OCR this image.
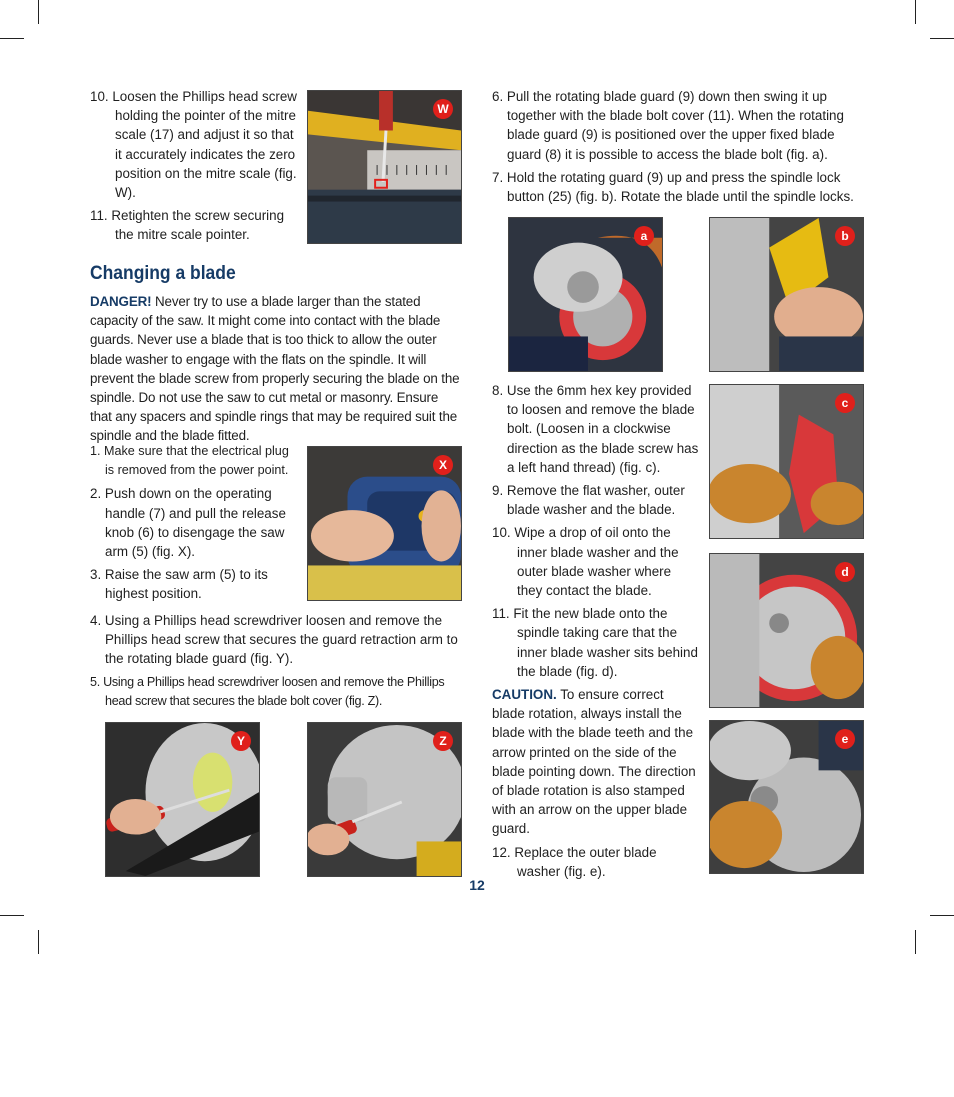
10. Loosen the Phillips head screw holding the pointer of the mitre scale (17) and adjust it so that it accurately indicates the zero position on the mitre scale (fig. W).
11. Retighten the screw securing the mitre scale pointer.
Changing a blade

DANGER! Never try to use a blade larger than the stated capacity of the saw. It might come into contact with the blade guards. Never use a blade that is too thick to allow the outer blade washer to engage with the flats on the spindle. It will prevent the blade screw from properly securing the blade on the spindle. Do not use the saw to cut metal or masonry. Ensure that any spacers and spindle rings that may be required suit the spindle and the blade fitted.

1. Make sure that the electrical plug is removed from the power point.
2. Push down on the operating handle (7) and pull the release knob (6) to disengage the saw arm (5) (fig. X).
3. Raise the saw arm (5) to its highest position.
4. Using a Phillips head screwdriver loosen and remove the Phillips head screw that secures the guard retraction arm to the rotating blade guard (fig. Y).
5. Using a Phillips head screwdriver loosen and remove the Phillips head screw that secures the blade bolt cover (fig. Z).
6. Pull the rotating blade guard (9) down then swing it up together with the blade bolt cover (11). When the rotating blade guard (9) is positioned over the upper fixed blade guard (8) it is possible to access the blade bolt (fig. a).
7. Hold the rotating guard (9) up and press the spindle lock button (25) (fig. b). Rotate the blade until the spindle locks.
8. Use the 6mm hex key provided to loosen and remove the blade bolt. (Loosen in a clockwise direction as the blade screw has a left hand thread) (fig. c).
9. Remove the flat washer, outer blade washer and the blade.
10. Wipe a drop of oil onto the inner blade washer and the outer blade washer where they contact the blade.
11. Fit the new blade onto the spindle taking care that the inner blade washer sits behind the blade (fig. d).

CAUTION. To ensure correct blade rotation, always install the blade with the blade teeth and the arrow printed on the side of the blade pointing down. The direction of blade rotation is also stamped with an arrow on the upper blade guard.

12. Replace the outer blade washer (fig. e).
12
W
X
Y	Z
a	b
c
d
e
